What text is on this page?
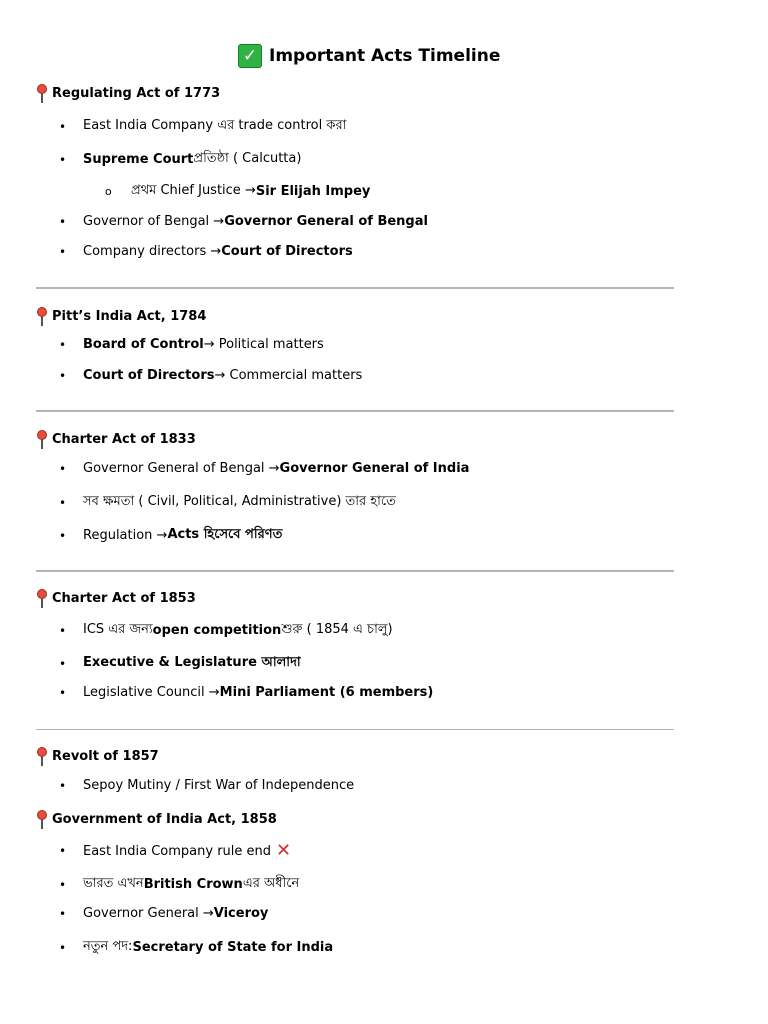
✓ Important Acts Timeline
Regulating Act of 1773
•	East India Company এর trade control করা
•	Supreme Court প্রতিষ্ঠা ( Calcutta)
o	প্রথম Chief Justice → Sir Elijah Impey
•	Governor of Bengal → Governor General of Bengal
•	Company directors → Court of Directors
Pitt’s India Act, 1784
•	Board of Control → Political matters
•	Court of Directors → Commercial matters
Charter Act of 1833
•	Governor General of Bengal → Governor General of India
•	সব ক্ষমতা ( Civil, Political, Administrative) তার হাতে
•	Regulation → Acts হিসেবে পরিণত
Charter Act of 1853
•	ICS এর জন্য open competition শুরু ( 1854 এ চালু)
•	Executive & Legislature আলাদা
•	Legislative Council → Mini Parliament (6 members)
Revolt of 1857
•	Sepoy Mutiny / First War of Independence
Government of India Act, 1858
•	East India Company rule end ✕
•	ভারত এখন British Crown এর অধীনে
•	Governor General → Viceroy
•	নতুন পদ: Secretary of State for India
